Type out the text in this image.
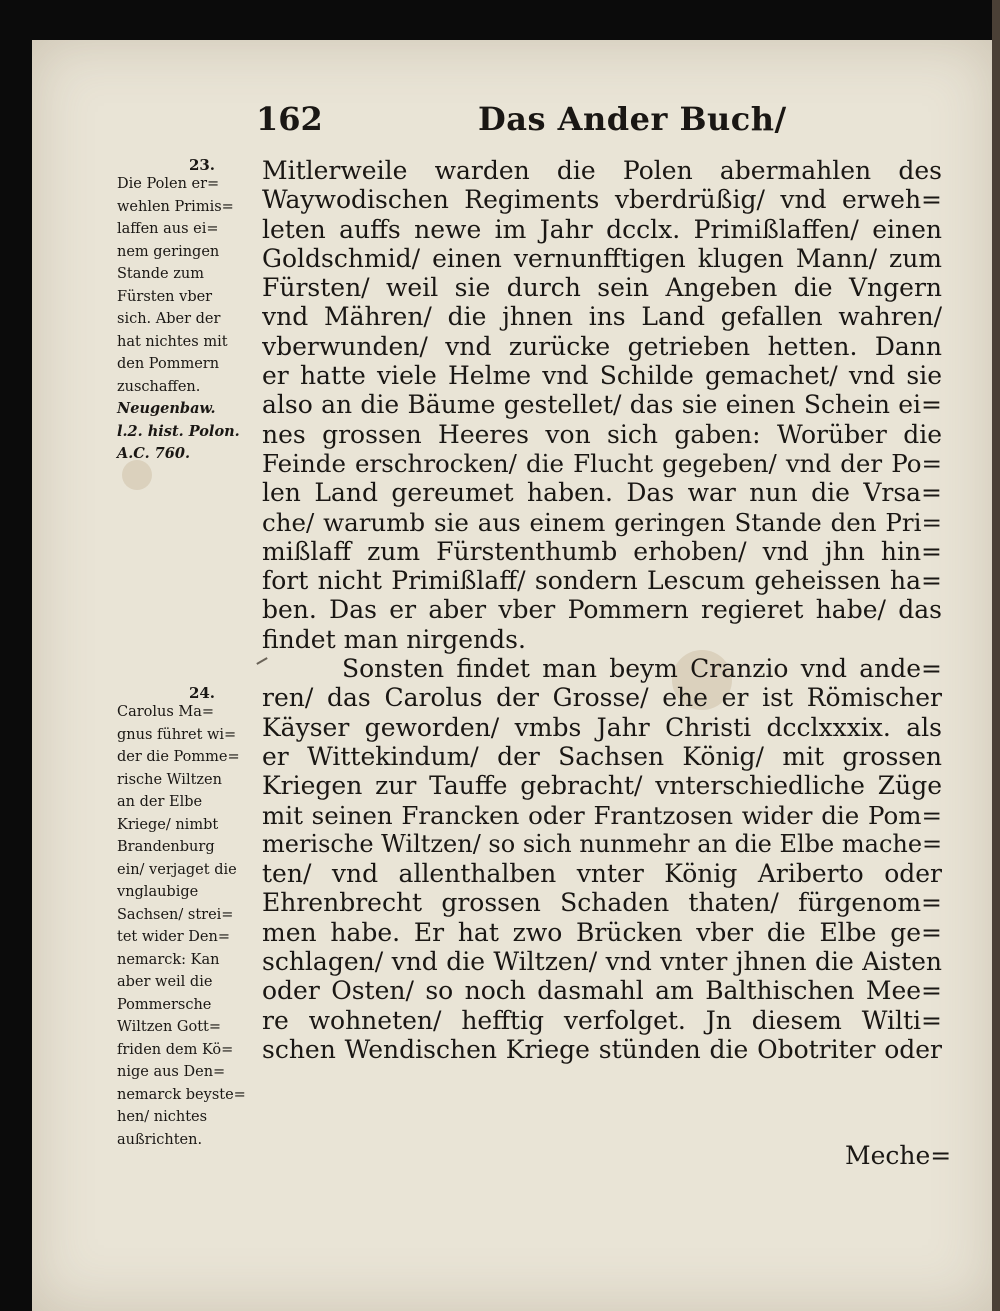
162	Das Ander Buch/
23.
Die Polen er=
wehlen Primis=
laffen aus ei=
nem geringen
Stande zum
Fürsten vber
sich. Aber der
hat nichtes mit
den Pommern
zuschaffen.
Neugenbaw.
l.2. hist. Polon.
A.C. 760.
24.
Carolus Ma=
gnus führet wi=
der die Pomme=
rische Wiltzen
an der Elbe
Kriege/ nimbt
Brandenburg
ein/ verjaget die
vnglaubige
Sachsen/ strei=
tet wider Den=
nemarck: Kan
aber weil die
Pommersche
Wiltzen Gott=
friden dem Kö=
nige aus Den=
nemarck beyste=
hen/ nichtes
außrichten.
Mitlerweile warden die Polen abermahlen des
Waywodischen Regiments vberdrüßig/ vnd erweh=
leten auffs newe im Jahr dcclx. Primißlaffen/ einen
Goldschmid/ einen vernunfftigen klugen Mann/ zum
Fürsten/ weil sie durch sein Angeben die Vngern
vnd Mähren/ die jhnen ins Land gefallen wahren/
vberwunden/ vnd zurücke getrieben hetten. Dann
er hatte viele Helme vnd Schilde gemachet/ vnd sie
also an die Bäume gestellet/ das sie einen Schein ei=
nes grossen Heeres von sich gaben: Worüber die
Feinde erschrocken/ die Flucht gegeben/ vnd der Po=
len Land gereumet haben. Das war nun die Vrsa=
che/ warumb sie aus einem geringen Stande den Pri=
mißlaff zum Fürstenthumb erhoben/ vnd jhn hin=
fort nicht Primißlaff/ sondern Lescum geheissen ha=
ben. Das er aber vber Pommern regieret habe/ das
findet man nirgends.
Sonsten findet man beym Cranzio vnd ande=
ren/ das Carolus der Grosse/ ehe er ist Römischer
Käyser geworden/ vmbs Jahr Christi dcclxxxix. als
er Wittekindum/ der Sachsen König/ mit grossen
Kriegen zur Tauffe gebracht/ vnterschiedliche Züge
mit seinen Francken oder Frantzosen wider die Pom=
merische Wiltzen/ so sich nunmehr an die Elbe mache=
ten/ vnd allenthalben vnter König Ariberto oder
Ehrenbrecht grossen Schaden thaten/ fürgenom=
men habe. Er hat zwo Brücken vber die Elbe ge=
schlagen/ vnd die Wiltzen/ vnd vnter jhnen die Aisten
oder Osten/ so noch dasmahl am Balthischen Mee=
re wohneten/ hefftig verfolget. Jn diesem Wilti=
schen Wendischen Kriege stünden die Obotriter oder
Meche=
